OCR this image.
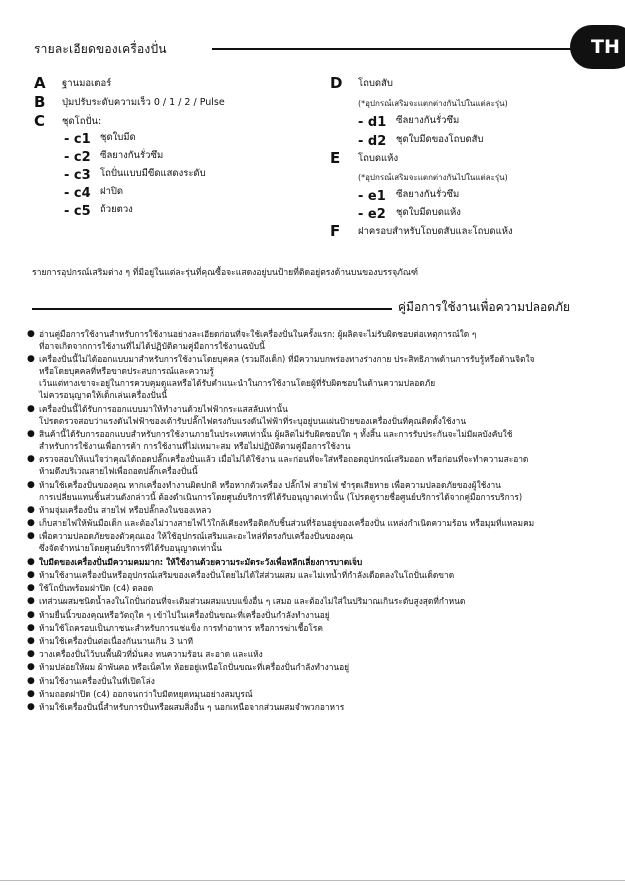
รายละเอียดของเครื่องปั่น	TH
A ฐานมอเตอร์
B ปุ่มปรับระดับความเร็ว 0 / 1 / 2 / Pulse
C ชุดโถปั่น:
- c1 ชุดใบมีด
- c2 ซีลยางกันรั่วซึม
- c3 โถปั่นแบบมีขีดแสดงระดับ
- c4 ฝาปิด
- c5 ถ้วยตวง
D โถบดสับ
(*อุปกรณ์เสริมจะแตกต่างกันไปในแต่ละรุ่น)
- d1 ซีลยางกันรั่วซึม
- d2 ชุดใบมีดของโถบดสับ
E โถบดแห้ง
(*อุปกรณ์เสริมจะแตกต่างกันไปในแต่ละรุ่น)
- e1 ซีลยางกันรั่วซึม
- e2 ชุดใบมีดบดแห้ง
F ฝาครอบสำหรับโถบดสับและโถบดแห้ง
รายการอุปกรณ์เสริมต่าง ๆ ที่มีอยู่ในแต่ละรุ่นที่คุณซื้อจะแสดงอยู่บนป้ายที่ติดอยู่ตรงด้านบนของบรรจุภัณฑ์
คู่มือการใช้งานเพื่อความปลอดภัย
● อ่านคู่มือการใช้งานสำหรับการใช้งานอย่างละเอียดก่อนที่จะใช้เครื่องปั่นในครั้งแรก: ผู้ผลิตจะไม่รับผิดชอบต่อเหตุการณ์ใด ๆ
ที่อาจเกิดจากการใช้งานที่ไม่ได้ปฏิบัติตามคู่มือการใช้งานฉบับนี้
● เครื่องปั่นนี้ไม่ได้ออกแบบมาสำหรับการใช้งานโดยบุคคล (รวมถึงเด็ก) ที่มีความบกพร่องทางร่างกาย ประสิทธิภาพด้านการรับรู้หรือด้านจิตใจ
หรือโดยบุคคลที่หรือขาดประสบการณ์และความรู้
เว้นแต่ทางเขาจะอยู่ในการควบคุมดูแลหรือได้รับคำแนะนำในการใช้งานโดยผู้ที่รับผิดชอบในด้านความปลอดภัย
ไม่ควรอนุญาตให้เด็กเล่นเครื่องปั่นนี้
● เครื่องปั่นนี้ได้รับการออกแบบมาให้ทำงานด้วยไฟฟ้ากระแสสลับเท่านั้น
โปรดตรวจสอบว่าแรงดันไฟฟ้าของเต้ารับปลั๊กไฟตรงกับแรงดันไฟฟ้าที่ระบุอยู่บนแผ่นป้ายของเครื่องปั่นที่คุณติดตั้งใช้งาน
● สินค้านี้ได้รับการออกแบบสำหรับการใช้งานภายในประเทศเท่านั้น ผู้ผลิตไม่รับผิดชอบใด ๆ ทั้งสิ้น และการรับประกันจะไม่มีผลบังคับใช้
สำหรับการใช้งานเพื่อการค้า การใช้งานที่ไม่เหมาะสม หรือไม่ปฏิบัติตามคู่มือการใช้งาน
● ตรวจสอบให้แน่ใจว่าคุณได้ถอดปลั๊กเครื่องปั่นแล้ว เมื่อไม่ได้ใช้งาน และก่อนที่จะใส่หรือถอดอุปกรณ์เสริมออก หรือก่อนที่จะทำความสะอาด
ห้ามดึงบริเวณสายไฟเพื่อถอดปลั๊กเครื่องปั่นนี้
● ห้ามใช้เครื่องปั่นของคุณ หากเครื่องทำงานผิดปกติ หรือหากตัวเครื่อง ปลั๊กไฟ สายไฟ ชำรุดเสียหาย เพื่อความปลอดภัยของผู้ใช้งาน
การเปลี่ยนแทนชิ้นส่วนดังกล่าวนี้ ต้องดำเนินการโดยศูนย์บริการที่ได้รับอนุญาตเท่านั้น (โปรดดูรายชื่อศูนย์บริการได้จากคู่มือการบริการ)
● ห้ามจุ่มเครื่องปั่น สายไฟ หรือปลั๊กลงในของเหลว
● เก็บสายไฟให้พ้นมือเด็ก และต้องไม่วางสายไฟไว้ใกล้เคียงหรือติดกับชิ้นส่วนที่ร้อนอยู่ของเครื่องปั่น แหล่งกำเนิดความร้อน หรือมุมที่แหลมคม
● เพื่อความปลอดภัยของตัวคุณเอง ให้ใช้อุปกรณ์เสริมและอะไหล่ที่ตรงกับเครื่องปั่นของคุณ
ซึ่งจัดจำหน่ายโดยศูนย์บริการที่ได้รับอนุญาตเท่านั้น
● ใบมีดของเครื่องปั่นมีความคมมาก: ให้ใช้งานด้วยความระมัดระวังเพื่อหลีกเลี่ยงการบาดเจ็บ
● ห้ามใช้งานเครื่องปั่นหรืออุปกรณ์เสริมของเครื่องปั่นโดยไม่ได้ใส่ส่วนผสม และไม่เทน้ำที่กำลังเดือดลงในโถปั่นเด็ดขาด
● ใช้โถปั่นพร้อมฝาปิด (c4) ตลอด
● เทส่วนผสมชนิดน้ำลงในโถปั่นก่อนที่จะเติมส่วนผสมแบบแข็งอื่น ๆ เสมอ และต้องไม่ใส่ในปริมาณเกินระดับสูงสุดที่กำหนด
● ห้ามยื่นนิ้วของคุณหรือวัตถุใด ๆ เข้าไปในเครื่องปั่นขณะที่เครื่องปั่นกำลังทำงานอยู่
● ห้ามใช้โถครอบเป็นภาชนะสำหรับการแช่แข็ง การทำอาหาร หรือการฆ่าเชื้อโรค
● ห้ามใช้เครื่องปั่นต่อเนื่องกันนานเกิน 3 นาที
● วางเครื่องปั่นไว้บนพื้นผิวที่มั่นคง ทนความร้อน สะอาด และแห้ง
● ห้ามปล่อยให้ผม ผ้าพันคอ หรือเน็คไท ห้อยอยู่เหนือโถปั่นขณะที่เครื่องปั่นกำลังทำงานอยู่
● ห้ามใช้งานเครื่องปั่นในที่เปิดโล่ง
● ห้ามถอดฝาปิด (c4) ออกจนกว่าใบมีดหยุดหมุนอย่างสมบูรณ์
● ห้ามใช้เครื่องปั่นนี้สำหรับการปั่นหรือผสมสิ่งอื่น ๆ นอกเหนือจากส่วนผสมจำพวกอาหาร
